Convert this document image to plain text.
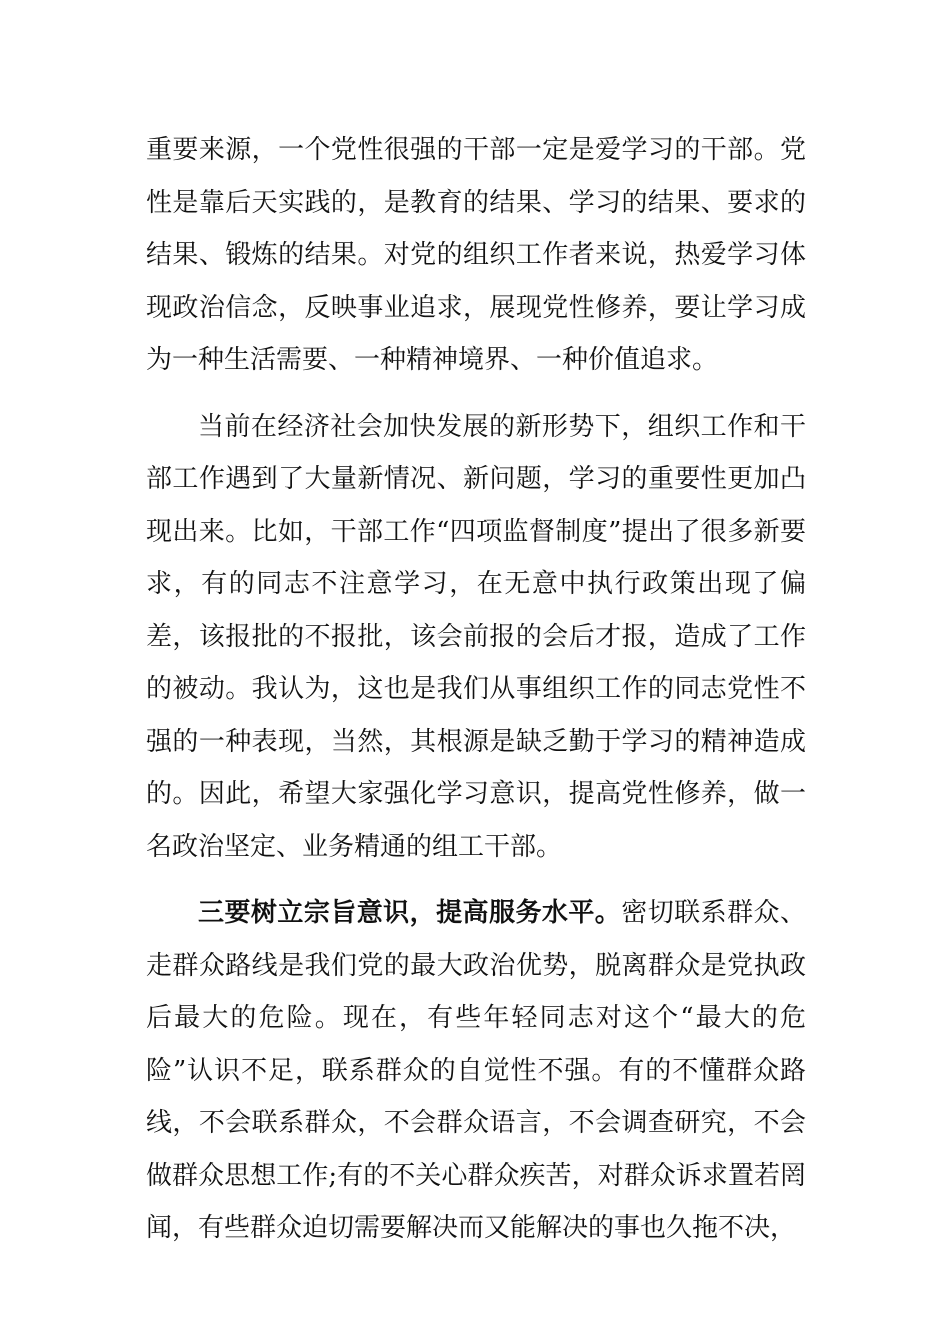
重要来源，一个党性很强的干部一定是爱学习的干部。党性是靠后天实践的，是教育的结果、学习的结果、要求的结果、锻炼的结果。对党的组织工作者来说，热爱学习体现政治信念，反映事业追求，展现党性修养，要让学习成为一种生活需要、一种精神境界、一种价值追求。

当前在经济社会加快发展的新形势下，组织工作和干部工作遇到了大量新情况、新问题，学习的重要性更加凸现出来。比如，干部工作“四项监督制度”提出了很多新要求，有的同志不注意学习，在无意中执行政策出现了偏差，该报批的不报批，该会前报的会后才报，造成了工作的被动。我认为，这也是我们从事组织工作的同志党性不强的一种表现，当然，其根源是缺乏勤于学习的精神造成的。因此，希望大家强化学习意识，提高党性修养，做一名政治坚定、业务精通的组工干部。

三要树立宗旨意识，提高服务水平。密切联系群众、走群众路线是我们党的最大政治优势，脱离群众是党执政后最大的危险。现在，有些年轻同志对这个“最大的危险”认识不足，联系群众的自觉性不强。有的不懂群众路线，不会联系群众，不会群众语言，不会调查研究，不会做群众思想工作;有的不关心群众疾苦，对群众诉求置若罔闻，有些群众迫切需要解决而又能解决的事也久拖不决，
